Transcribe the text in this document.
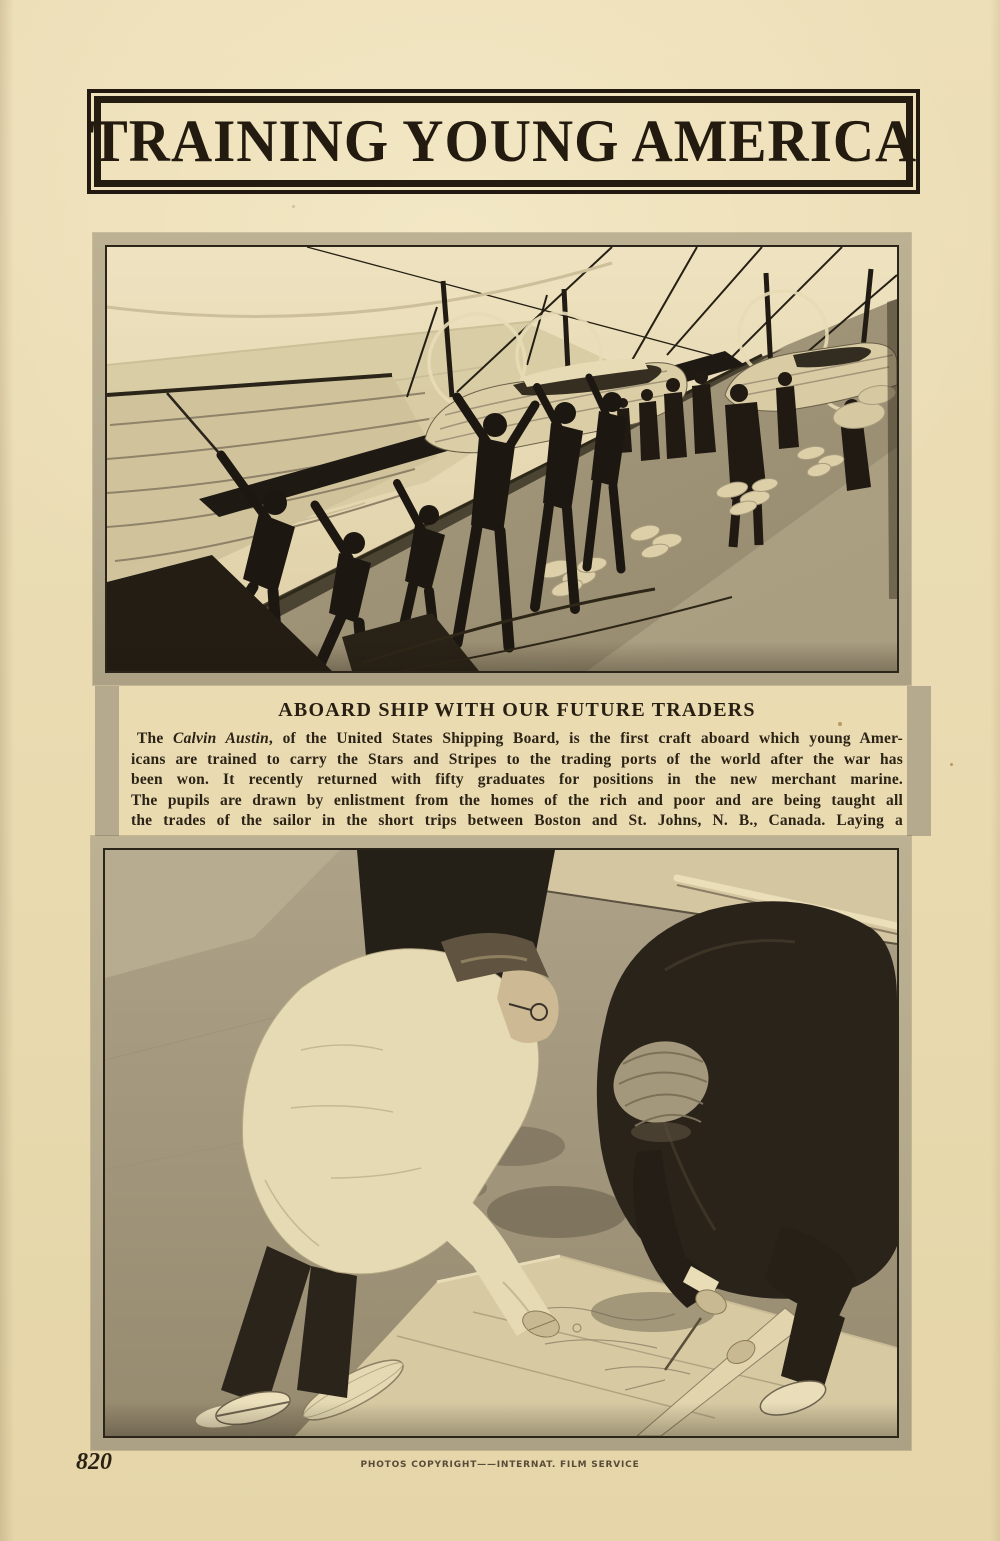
TRAINING YOUNG AMERICA

ABOARD SHIP WITH OUR FUTURE TRADERS

The Calvin Austin, of the United States Shipping Board, is the first craft aboard which young Amer-
icans are trained to carry the Stars and Stripes to the trading ports of the world after the war has
been won. It recently returned with fifty graduates for positions in the new merchant marine.
The pupils are drawn by enlistment from the homes of the rich and poor and are being taught all
the trades of the sailor in the short trips between Boston and St. Johns, N. B., Canada. Laying a
820	PHOTOS COPYRIGHT——INTERNAT. FILM SERVICE
